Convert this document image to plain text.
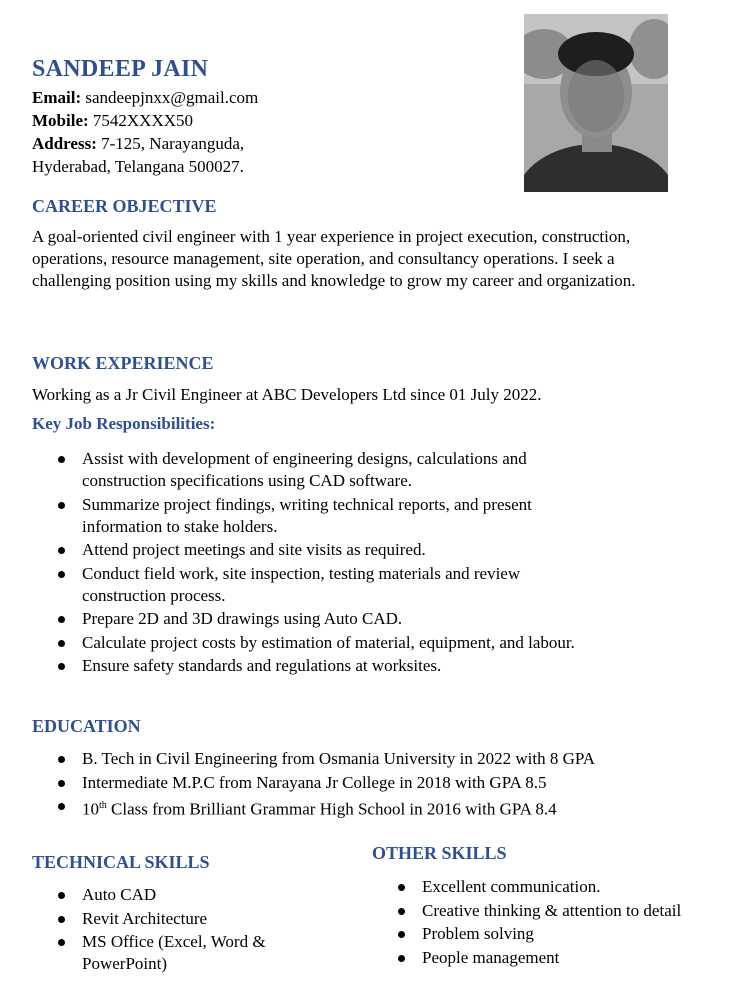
SANDEEP JAIN
Email: sandeepjnxx@gmail.com
Mobile: 7542XXXX50
Address: 7-125, Narayanguda,
Hyderabad, Telangana 500027.
CAREER OBJECTIVE
A goal-oriented civil engineer with 1 year experience in project execution, construction, operations, resource management, site operation, and consultancy operations. I seek a challenging position using my skills and knowledge to grow my career and organization.
WORK EXPERIENCE
Working as a Jr Civil Engineer at ABC Developers Ltd since 01 July 2022.
Key Job Responsibilities:
Assist with development of engineering designs, calculations and construction specifications using CAD software.
Summarize project findings, writing technical reports, and present information to stake holders.
Attend project meetings and site visits as required.
Conduct field work, site inspection, testing materials and review construction process.
Prepare 2D and 3D drawings using Auto CAD.
Calculate project costs by estimation of material, equipment, and labour.
Ensure safety standards and regulations at worksites.
EDUCATION
B. Tech in Civil Engineering from Osmania University in 2022 with 8 GPA
Intermediate M.P.C from Narayana Jr College in 2018 with GPA 8.5
10th Class from Brilliant Grammar High School in 2016 with GPA 8.4
TECHNICAL SKILLS
Auto CAD
Revit Architecture
MS Office (Excel, Word & PowerPoint)
OTHER SKILLS
Excellent communication.
Creative thinking & attention to detail
Problem solving
People management
